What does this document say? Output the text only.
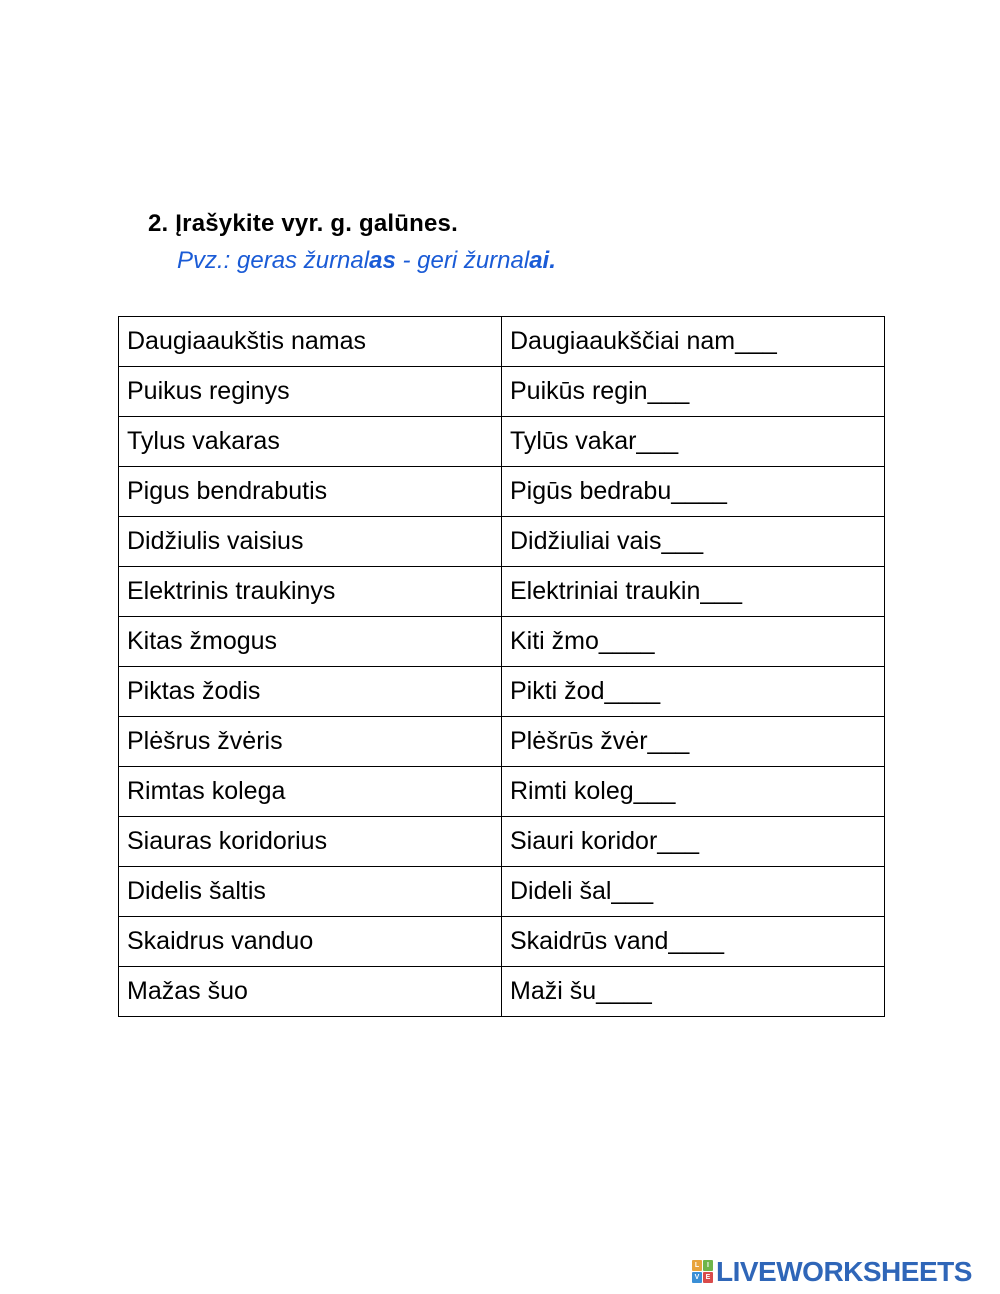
2. Įrašykite vyr. g. galūnes.
Pvz.: geras žurnalas - geri žurnalai.
Daugiaaukštis namas	Daugiaaukščiai nam___
Puikus reginys	Puikūs regin___
Tylus vakaras	Tylūs vakar___
Pigus bendrabutis	Pigūs bedrabu____
Didžiulis vaisius	Didžiuliai vais___
Elektrinis traukinys	Elektriniai traukin___
Kitas žmogus	Kiti žmo____
Piktas žodis	Pikti žod____
Plėšrus žvėris	Plėšrūs žvėr___
Rimtas kolega	Rimti koleg___
Siauras koridorius	Siauri koridor___
Didelis šaltis	Dideli šal___
Skaidrus vanduo	Skaidrūs vand____
Mažas šuo	Maži šu____
L	I
V E LIVEWORKSHEETS
